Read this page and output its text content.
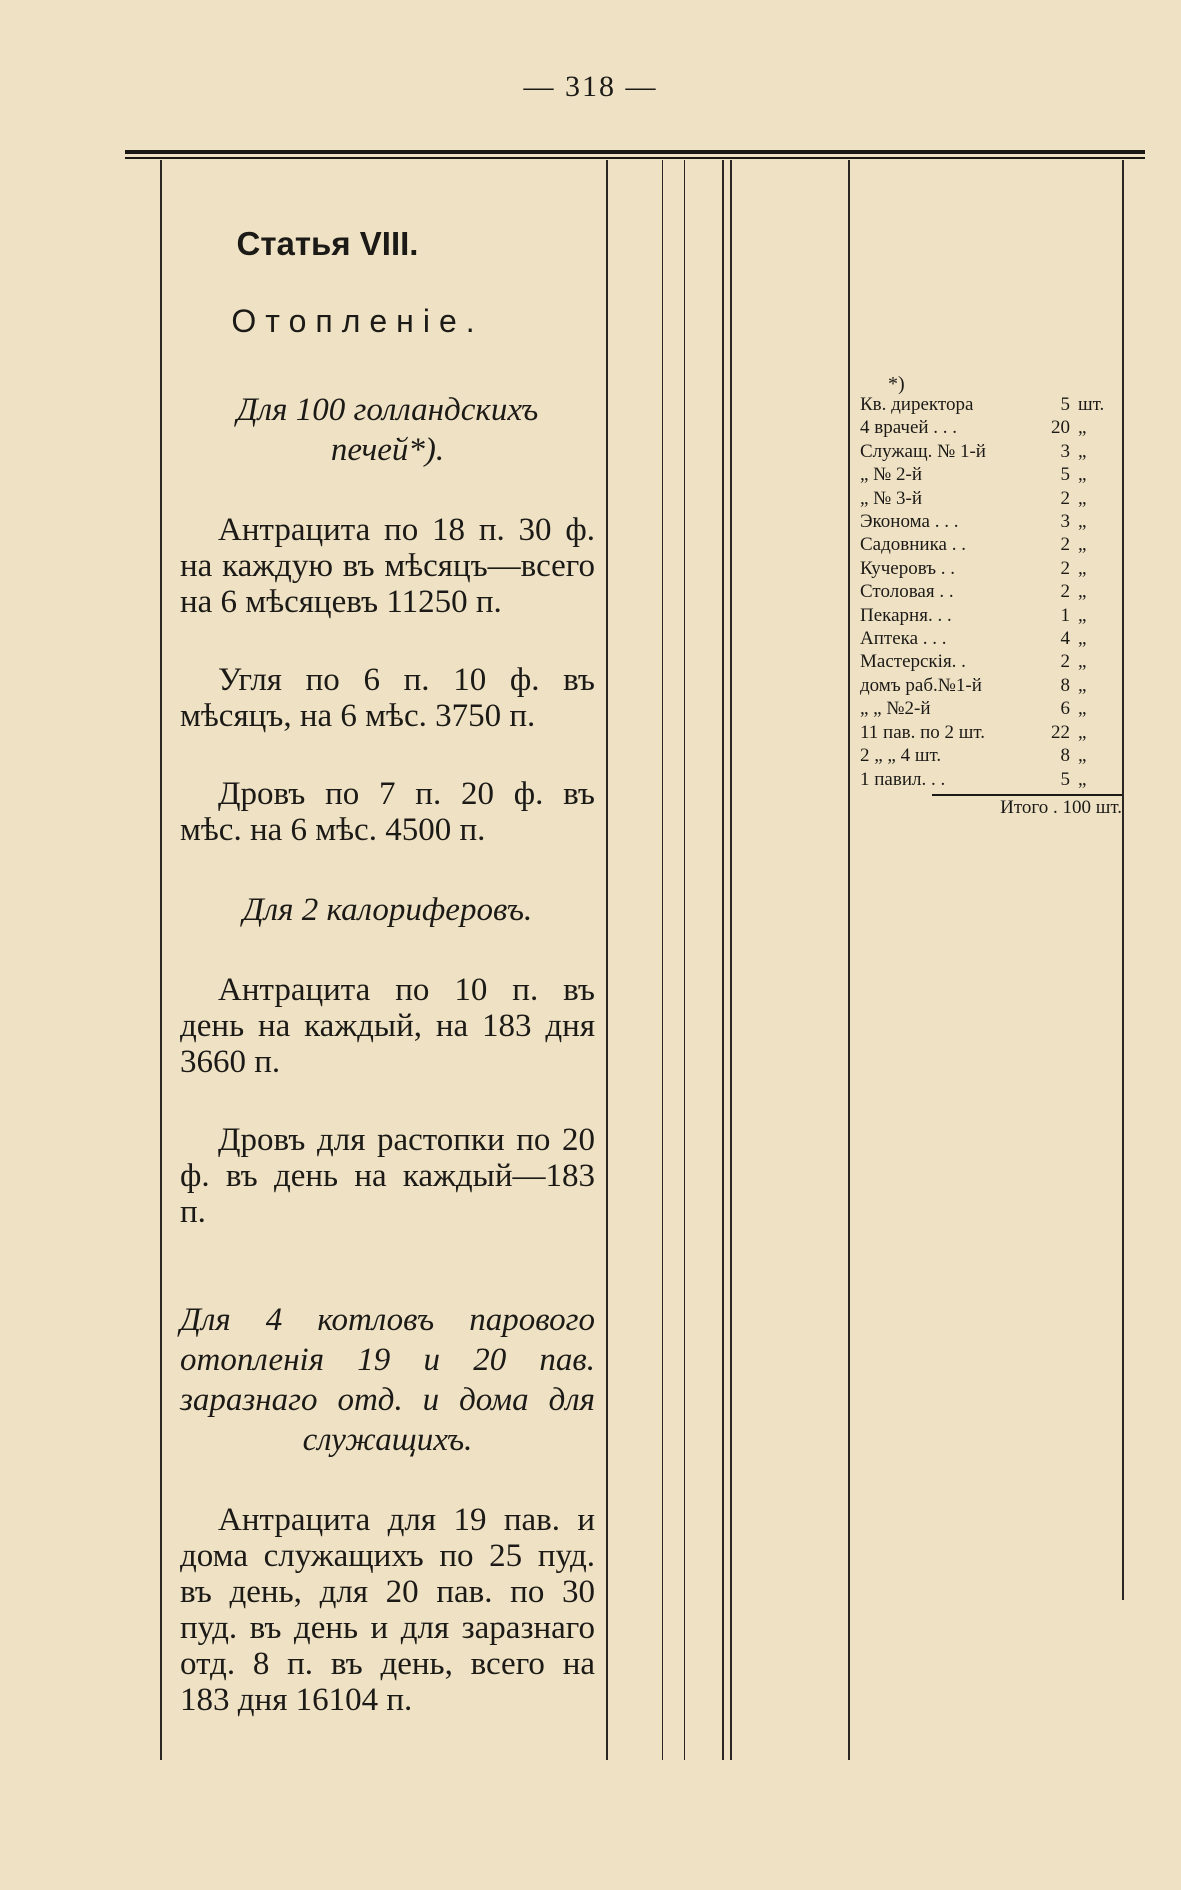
— 318 —
Статья VIII.
Отопленіе.
Для 100 голландскихъ печей*).
Антрацита по 18 п. 30 ф. на каждую въ мѣсяцъ—всего на 6 мѣсяцевъ 11250 п.
Угля по 6 п. 10 ф. въ мѣсяцъ, на 6 мѣс. 3750 п.
Дровъ по 7 п. 20 ф. въ мѣс. на 6 мѣс. 4500 п.
Для 2 калориферовъ.
Антрацита по 10 п. въ день на каждый, на 183 дня 3660 п.
Дровъ для растопки по 20 ф. въ день на каждый—183 п.
Для 4 котловъ парового отопленія 19 и 20 пав. заразнаго отд. и дома для служащихъ.
Антрацита для 19 пав. и дома служащихъ по 25 пуд. въ день, для 20 пав. по 30 пуд. въ день и для заразнаго отд. 8 п. въ день, всего на 183 дня 16104 п.
*)
Кв. директора	5 шт.
4 врачей . . .	20 „
Служащ. № 1-й	3 „
„ № 2-й	5 „
„ № 3-й	2 „
Эконома . . .	3 „
Садовника . .	2 „
Кучеровъ . .	2 „
Столовая . .	2 „
Пекарня. . .	1 „
Аптека . . .	4 „
Мастерскія. .	2 „
домъ раб.№1-й	8 „
„ „ №2-й	6 „
11 пав. по 2 шт.	22 „
2 „ „ 4 шт.	8 „
1 павил. . .	5 „
Итого . 100 шт.
